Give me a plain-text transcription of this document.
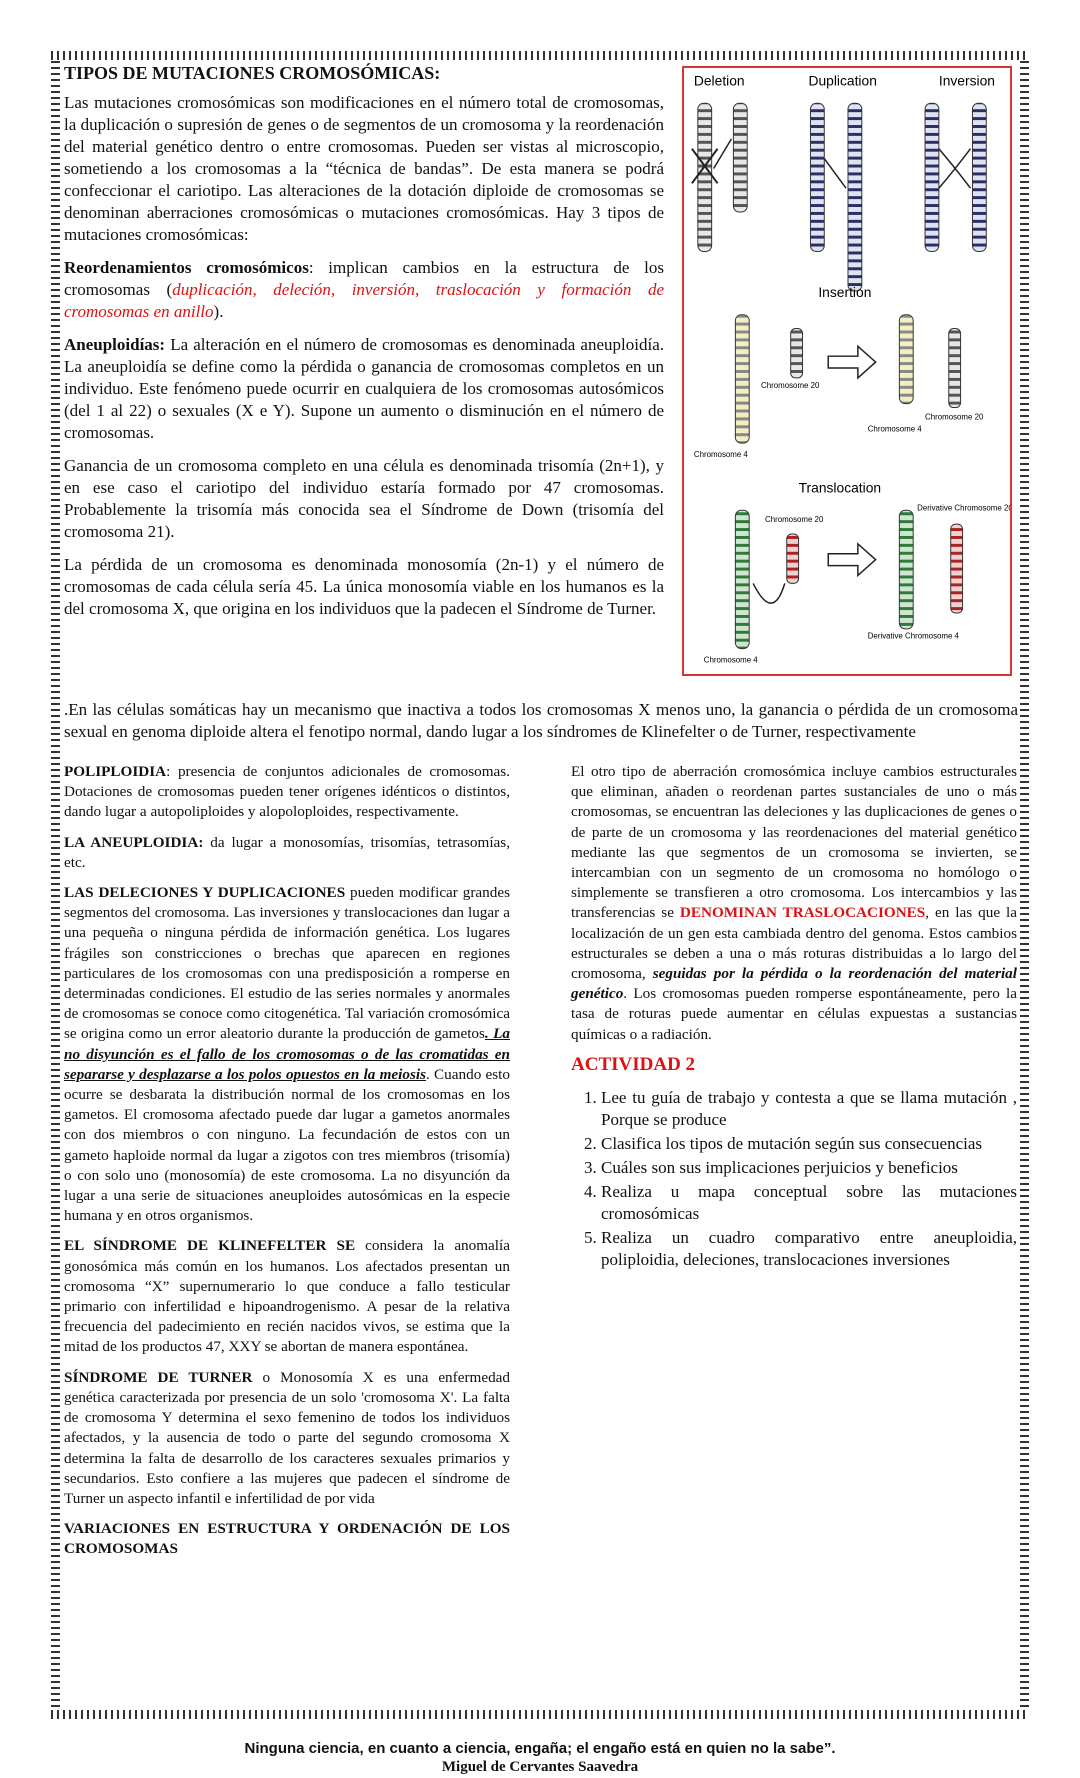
TIPOS DE MUTACIONES CROMOSÓMICAS:

Las mutaciones cromosómicas son modificaciones en el número total de cromosomas, la duplicación o supresión de genes o de segmentos de un cromosoma y la reordenación del material genético dentro o entre cromosomas. Pueden ser vistas al microscopio, sometiendo a los cromosomas a la “técnica de bandas”. De esta manera se podrá confeccionar el cariotipo. Las alteraciones de la dotación diploide de cromosomas se denominan aberraciones cromosómicas o mutaciones cromosómicas. Hay 3 tipos de mutaciones cromosómicas:

Reordenamientos cromosómicos: implican cambios en la estructura de los cromosomas (duplicación, deleción, inversión, traslocación y formación de cromosomas en anillo).

Aneuploidías: La alteración en el número de cromosomas es denominada aneuploidía. La aneuploidía se define como la pérdida o ganancia de cromosomas completos en un individuo. Este fenómeno puede ocurrir en cualquiera de los cromosomas autosómicos (del 1 al 22) o sexuales (X e Y). Supone un aumento o disminución en el número de cromosomas.

Ganancia de un cromosoma completo en una célula es denominada trisomía (2n+1), y en ese caso el cariotipo del individuo estaría formado por 47 cromosomas. Probablemente la trisomía más conocida sea el Síndrome de Down (trisomía del cromosoma 21).

La pérdida de un cromosoma es denominada monosomía (2n-1) y el número de cromosomas de cada célula sería 45. La única monosomía viable en los humanos es la del cromosoma X, que origina en los individuos que la padecen el Síndrome de Turner.

Deletion	Duplication	Inversion
Insertion
Chromosome 20
Chromosome 20
Chromosome 4
Chromosome 4
Translocation
Derivative Chromosome 20
Chromosome 20
Derivative Chromosome 4
Chromosome 4

.En las células somáticas hay un mecanismo que inactiva a todos los cromosomas X menos uno, la ganancia o pérdida de un cromosoma sexual en genoma diploide altera el fenotipo normal, dando lugar a los síndromes de Klinefelter o de Turner, respectivamente

POLIPLOIDIA: presencia de conjuntos adicionales de cromosomas. Dotaciones de cromosomas pueden tener orígenes idénticos o distintos, dando lugar a autopoliploides y alopoloploides, respectivamente.

LA ANEUPLOIDIA: da lugar a monosomías, trisomías, tetrasomías, etc.

LAS DELECIONES Y DUPLICACIONES pueden modificar grandes segmentos del cromosoma. Las inversiones y translocaciones dan lugar a una pequeña o ninguna pérdida de información genética. Los lugares frágiles son constricciones o brechas que aparecen en regiones particulares de los cromosomas con una predisposición a romperse en determinadas condiciones. El estudio de las series normales y anormales de cromosomas se conoce como citogenética. Tal variación cromosómica se origina como un error aleatorio durante la producción de gametos. La no disyunción es el fallo de los cromosomas o de las cromatidas en separarse y desplazarse a los polos opuestos en la meiosis. Cuando esto ocurre se desbarata la distribución normal de los cromosomas en los gametos. El cromosoma afectado puede dar lugar a gametos anormales con dos miembros o con ninguno. La fecundación de estos con un gameto haploide normal da lugar a zigotos con tres miembros (trisomía) o con solo uno (monosomía) de este cromosoma. La no disyunción da lugar a una serie de situaciones aneuploides autosómicas en la especie humana y en otros organismos.

EL SÍNDROME DE KLINEFELTER SE considera la anomalía gonosómica más común en los humanos. Los afectados presentan un cromosoma “X” supernumerario lo que conduce a fallo testicular primario con infertilidad e hipoandrogenismo. A pesar de la relativa frecuencia del padecimiento en recién nacidos vivos, se estima que la mitad de los productos 47, XXY se abortan de manera espontánea.

SÍNDROME DE TURNER o Monosomía X es una enfermedad genética caracterizada por presencia de un solo 'cromosoma X'. La falta de cromosoma Y determina el sexo femenino de todos los individuos afectados, y la ausencia de todo o parte del segundo cromosoma X determina la falta de desarrollo de los caracteres sexuales primarios y secundarios. Esto confiere a las mujeres que padecen el síndrome de Turner un aspecto infantil e infertilidad de por vida

VARIACIONES EN ESTRUCTURA Y ORDENACIÓN DE LOS CROMOSOMAS

El otro tipo de aberración cromosómica incluye cambios estructurales que eliminan, añaden o reordenan partes sustanciales de uno o más cromosomas, se encuentran las deleciones y las duplicaciones de genes o de parte de un cromosoma y las reordenaciones del material genético mediante las que segmentos de un cromosoma se invierten, se intercambian con un segmento de un cromosoma no homólogo o simplemente se transfieren a otro cromosoma. Los intercambios y las transferencias se DENOMINAN TRASLOCACIONES, en las que la localización de un gen esta cambiada dentro del genoma. Estos cambios estructurales se deben a una o más roturas distribuidas a lo largo del cromosoma, seguidas por la pérdida o la reordenación del material genético. Los cromosomas pueden romperse espontáneamente, pero la tasa de roturas puede aumentar en células expuestas a sustancias químicas o a radiación.

ACTIVIDAD 2
1. Lee tu guía de trabajo y contesta a que se llama mutación , Porque se produce
2. Clasifica los tipos de mutación según sus consecuencias
3. Cuáles son sus implicaciones perjuicios y beneficios
4. Realiza u mapa conceptual sobre las mutaciones cromosómicas
5. Realiza un cuadro comparativo entre aneuploidia, poliploidia, deleciones, translocaciones inversiones
Ninguna ciencia, en cuanto a ciencia, engaña; el engaño está en quien no la sabe”.
Miguel de Cervantes Saavedra
